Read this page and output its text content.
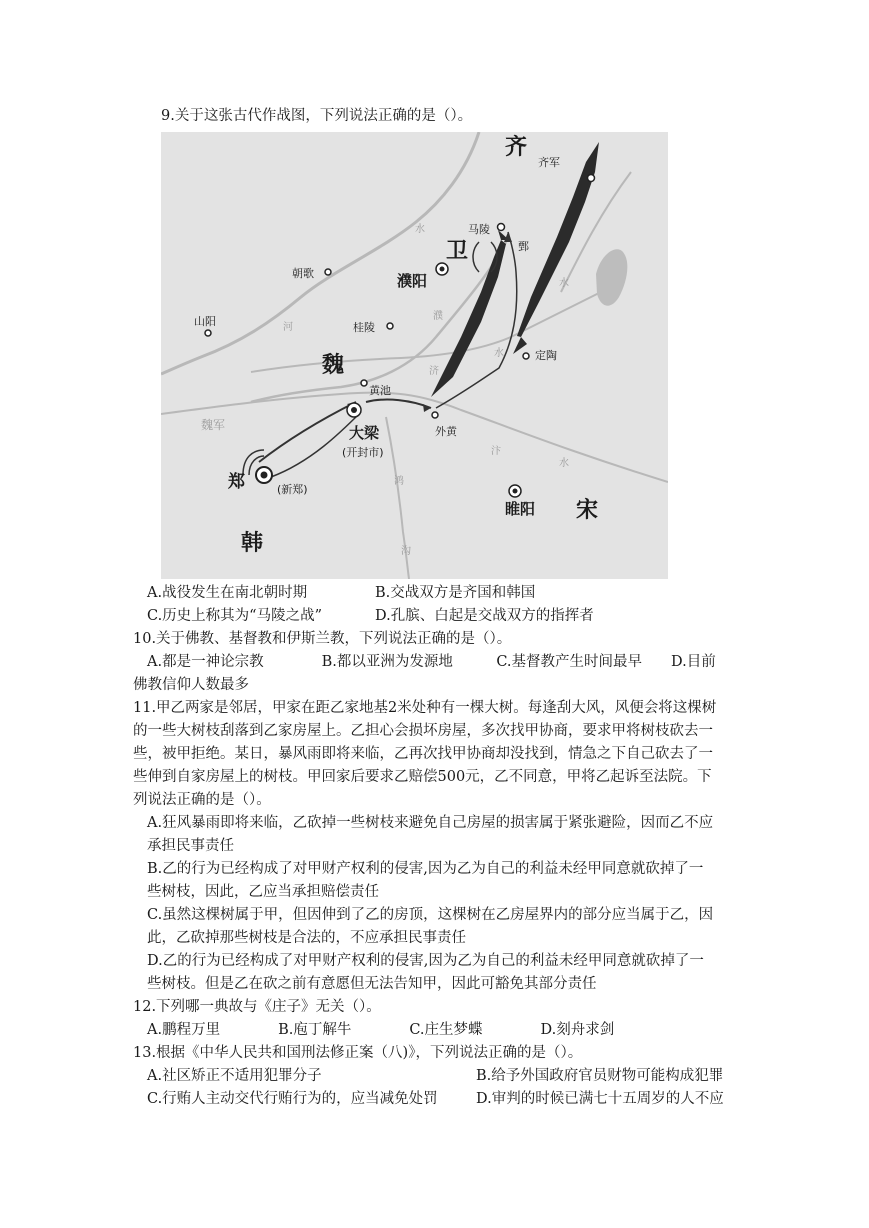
9.关于这张古代作战图，下列说法正确的是（）。
齐
齐军
马陵
鄄
卫
濮阳
朝歌
山阳	桂陵
定陶
魏
黄池
魏军	大梁
(开封市)
外黄
郑	(新郑)
睢阳 宋
韩
河
水
水
濮
济
水
鸿
沟
汴
水
A.战役发生在南北朝时期	B.交战双方是齐国和韩国
C.历史上称其为“马陵之战”	D.孔膑、白起是交战双方的指挥者
10.关于佛教、基督教和伊斯兰教，下列说法正确的是（）。
A.都是一神论宗教　　　　B.都以亚洲为发源地　　　C.基督教产生时间最早　　D.目前
佛教信仰人数最多
11.甲乙两家是邻居，甲家在距乙家地基2米处种有一棵大树。每逢刮大风，风便会将这棵树
的一些大树枝刮落到乙家房屋上。乙担心会损坏房屋，多次找甲协商，要求甲将树枝砍去一
些，被甲拒绝。某日，暴风雨即将来临，乙再次找甲协商却没找到，情急之下自己砍去了一
些伸到自家房屋上的树枝。甲回家后要求乙赔偿500元，乙不同意，甲将乙起诉至法院。下
列说法正确的是（）。
A.狂风暴雨即将来临，乙砍掉一些树枝来避免自己房屋的损害属于紧张避险，因而乙不应
承担民事责任
B.乙的行为已经构成了对甲财产权利的侵害,因为乙为自己的利益未经甲同意就砍掉了一
些树枝，因此，乙应当承担赔偿责任
C.虽然这棵树属于甲，但因伸到了乙的房顶，这棵树在乙房屋界内的部分应当属于乙，因
此，乙砍掉那些树枝是合法的，不应承担民事责任
D.乙的行为已经构成了对甲财产权利的侵害,因为乙为自己的利益未经甲同意就砍掉了一
些树枝。但是乙在砍之前有意愿但无法告知甲，因此可豁免其部分责任
12.下列哪一典故与《庄子》无关（）。
A.鹏程万里　　　　B.庖丁解牛　　　　C.庄生梦蝶　　　　D.刻舟求剑
13.根据《中华人民共和国刑法修正案（八)》，下列说法正确的是（）。
A.社区矫正不适用犯罪分子	B.给予外国政府官员财物可能构成犯罪
C.行贿人主动交代行贿行为的，应当减免处罚	D.审判的时候已满七十五周岁的人不应
